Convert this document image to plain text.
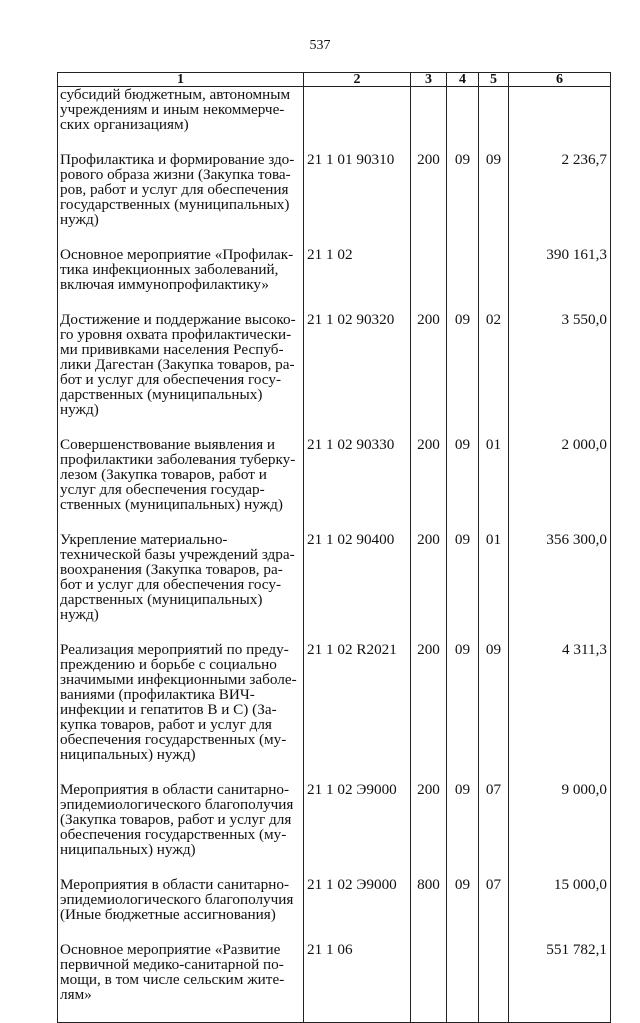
537
1	2	3	4	5	6
субсидий бюджетным, автономным учреждениям и иным некоммерче-ских организациям)					

Профилактика и формирование здо-рового образа жизни (Закупка това-ров, работ и услуг для обеспечения государственных (муниципальных) нужд)	21 1 01 90310	200	09	09	2 236,7

Основное мероприятие «Профилак-тика инфекционных заболеваний, включая иммунопрофилактику»	21 1 02				390 161,3

Достижение и поддержание высоко-го уровня охвата профилактически-ми прививками населения Респуб-лики Дагестан (Закупка товаров, ра-бот и услуг для обеспечения госу-дарственных (муниципальных) нужд)	21 1 02 90320	200	09	02	3 550,0

Совершенствование выявления и профилактики заболевания туберку-лезом (Закупка товаров, работ и услуг для обеспечения государ-ственных (муниципальных) нужд)	21 1 02 90330	200	09	01	2 000,0

Укрепление материально-технической базы учреждений здра-воохранения (Закупка товаров, ра-бот и услуг для обеспечения госу-дарственных (муниципальных) нужд)	21 1 02 90400	200	09	01	356 300,0

Реализация мероприятий по преду-преждению и борьбе с социально значимыми инфекционными заболе-ваниями (профилактика ВИЧ-инфекции и гепатитов В и С) (За-купка товаров, работ и услуг для обеспечения государственных (му-ниципальных) нужд)	21 1 02 R2021	200	09	09	4 311,3

Мероприятия в области санитарно-эпидемиологического благополучия (Закупка товаров, работ и услуг для обеспечения государственных (му-ниципальных) нужд)	21 1 02 Э9000	200	09	07	9 000,0

Мероприятия в области санитарно-эпидемиологического благополучия (Иные бюджетные ассигнования)	21 1 02 Э9000	800	09	07	15 000,0

Основное мероприятие «Развитие первичной медико-санитарной по-мощи, в том числе сельским жите-лям»	21 1 06				551 782,1
